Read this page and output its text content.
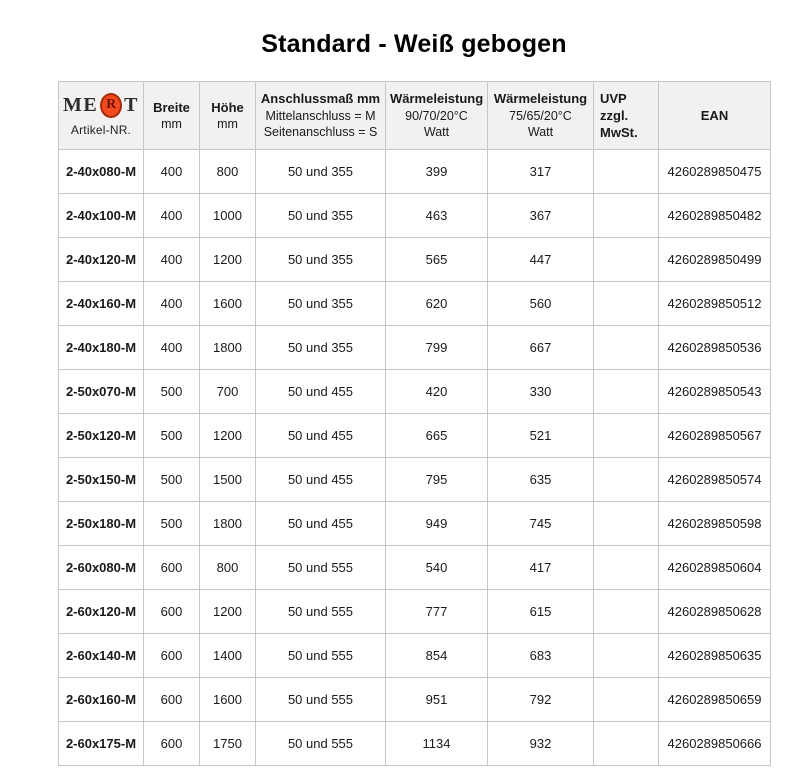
Standard - Weiß gebogen
ME R T
Artikel-NR.

Breite
mm

Höhe
mm

Anschlussmaß mm
Mittelanschluss = M
Seitenanschluss = S

Wärmeleistung
90/70/20°C
Watt

Wärmeleistung
75/65/20°C
Watt

UVP
zzgl.
MwSt.

EAN

2-40x080-M	400	800	50 und 355	399	317		4260289850475
2-40x100-M	400	1000	50 und 355	463	367		4260289850482
2-40x120-M	400	1200	50 und 355	565	447		4260289850499
2-40x160-M	400	1600	50 und 355	620	560		4260289850512
2-40x180-M	400	1800	50 und 355	799	667		4260289850536
2-50x070-M	500	700	50 und 455	420	330		4260289850543
2-50x120-M	500	1200	50 und 455	665	521		4260289850567
2-50x150-M	500	1500	50 und 455	795	635		4260289850574
2-50x180-M	500	1800	50 und 455	949	745		4260289850598
2-60x080-M	600	800	50 und 555	540	417		4260289850604
2-60x120-M	600	1200	50 und 555	777	615		4260289850628
2-60x140-M	600	1400	50 und 555	854	683		4260289850635
2-60x160-M	600	1600	50 und 555	951	792		4260289850659
2-60x175-M	600	1750	50 und 555	1134	932		4260289850666
